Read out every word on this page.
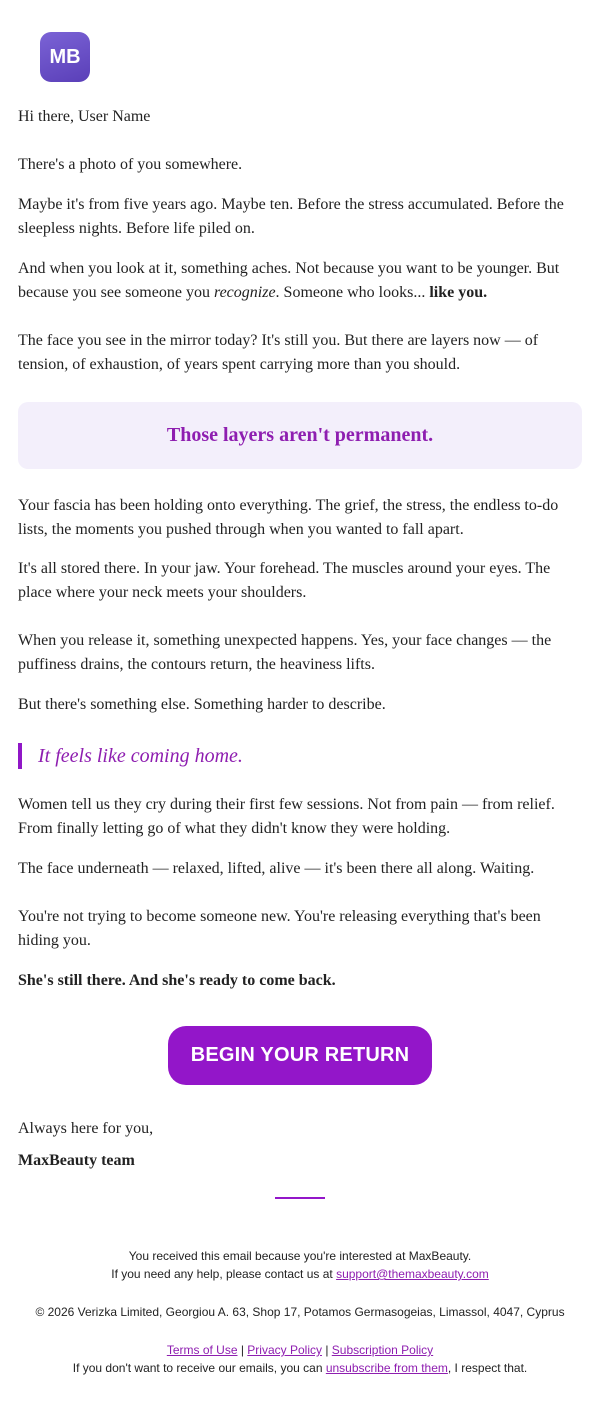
MB

Hi there, User Name

There's a photo of you somewhere.

Maybe it's from five years ago. Maybe ten. Before the stress accumulated. Before the sleepless nights. Before life piled on.

And when you look at it, something aches. Not because you want to be younger. But because you see someone you recognize. Someone who looks... like you.

The face you see in the mirror today? It's still you. But there are layers now — of tension, of exhaustion, of years spent carrying more than you should.

Those layers aren't permanent.

Your fascia has been holding onto everything. The grief, the stress, the endless to-do lists, the moments you pushed through when you wanted to fall apart.

It's all stored there. In your jaw. Your forehead. The muscles around your eyes. The place where your neck meets your shoulders.

When you release it, something unexpected happens. Yes, your face changes — the puffiness drains, the contours return, the heaviness lifts.

But there's something else. Something harder to describe.

It feels like coming home.

Women tell us they cry during their first few sessions. Not from pain — from relief. From finally letting go of what they didn't know they were holding.

The face underneath — relaxed, lifted, alive — it's been there all along. Waiting.

You're not trying to become someone new. You're releasing everything that's been hiding you.

She's still there. And she's ready to come back.

BEGIN YOUR RETURN

Always here for you,

MaxBeauty team

You received this email because you're interested at MaxBeauty.
If you need any help, please contact us at support@themaxbeauty.com
© 2026 Verizka Limited, Georgiou A. 63, Shop 17, Potamos Germasogeias, Limassol, 4047, Cyprus
Terms of Use | Privacy Policy | Subscription Policy
If you don't want to receive our emails, you can unsubscribe from them, I respect that.
